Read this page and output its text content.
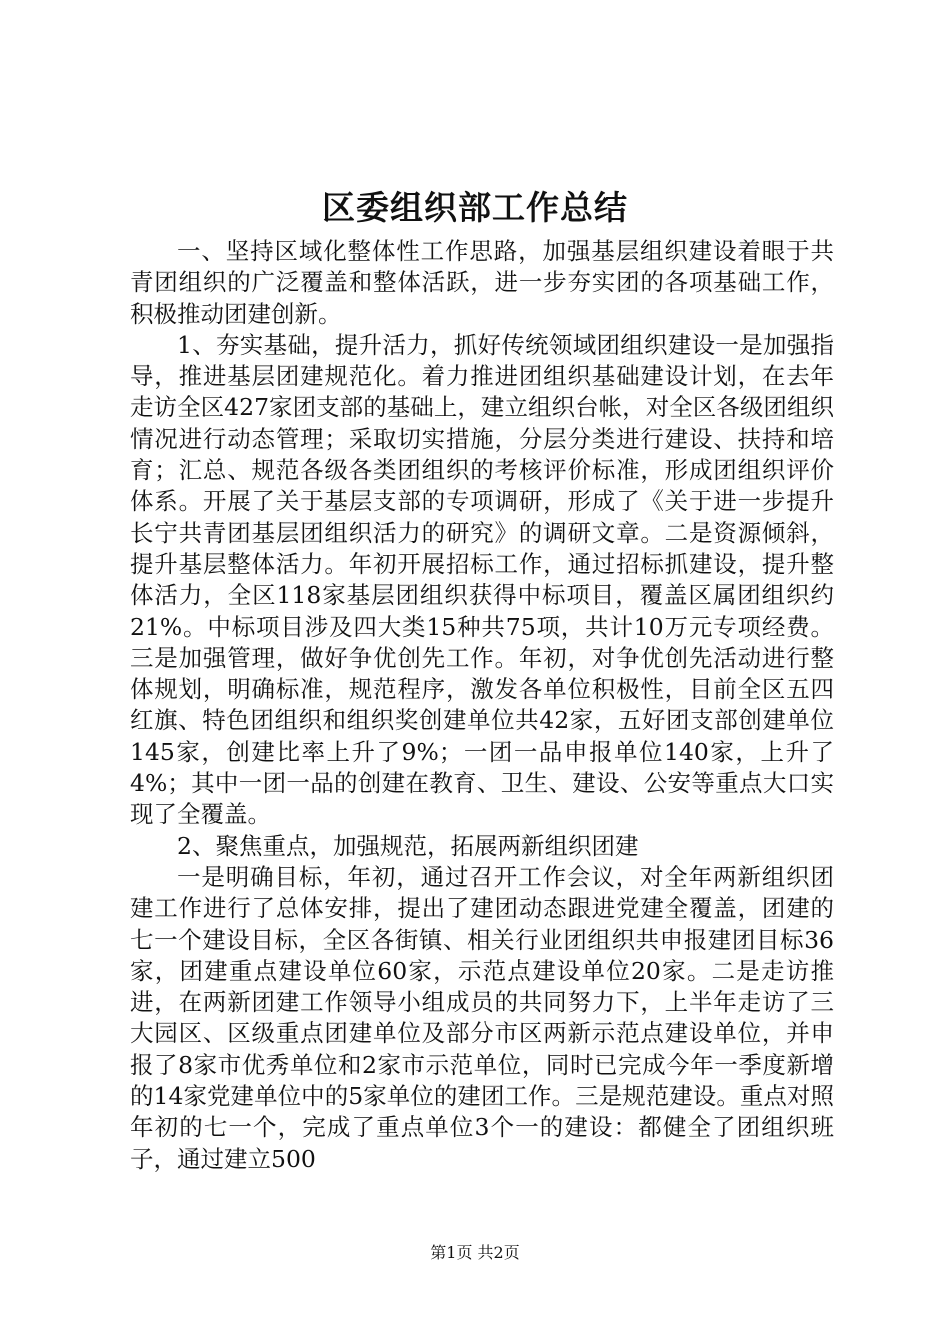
区委组织部工作总结

一、坚持区域化整体性工作思路，加强基层组织建设着眼于共青团组织的广泛覆盖和整体活跃，进一步夯实团的各项基础工作，积极推动团建创新。

1、夯实基础，提升活力，抓好传统领域团组织建设一是加强指导，推进基层团建规范化。着力推进团组织基础建设计划，在去年走访全区427家团支部的基础上，建立组织台帐，对全区各级团组织情况进行动态管理；采取切实措施，分层分类进行建设、扶持和培育；汇总、规范各级各类团组织的考核评价标准，形成团组织评价体系。开展了关于基层支部的专项调研，形成了《关于进一步提升长宁共青团基层团组织活力的研究》的调研文章。二是资源倾斜，提升基层整体活力。年初开展招标工作，通过招标抓建设，提升整体活力，全区118家基层团组织获得中标项目，覆盖区属团组织约21%。中标项目涉及四大类15种共75项，共计10万元专项经费。三是加强管理，做好争优创先工作。年初，对争优创先活动进行整体规划，明确标准，规范程序，激发各单位积极性，目前全区五四红旗、特色团组织和组织奖创建单位共42家，五好团支部创建单位145家，创建比率上升了9%；一团一品申报单位140家，上升了4%；其中一团一品的创建在教育、卫生、建设、公安等重点大口实现了全覆盖。

2、聚焦重点，加强规范，拓展两新组织团建

一是明确目标，年初，通过召开工作会议，对全年两新组织团建工作进行了总体安排，提出了建团动态跟进党建全覆盖，团建的七一个建设目标，全区各街镇、相关行业团组织共申报建团目标36家，团建重点建设单位60家，示范点建设单位20家。二是走访推进，在两新团建工作领导小组成员的共同努力下，上半年走访了三大园区、区级重点团建单位及部分市区两新示范点建设单位，并申报了8家市优秀单位和2家市示范单位，同时已完成今年一季度新增的14家党建单位中的5家单位的建团工作。三是规范建设。重点对照年初的七一个，完成了重点单位3个一的建设：都健全了团组织班子，通过建立500

第1页 共2页
